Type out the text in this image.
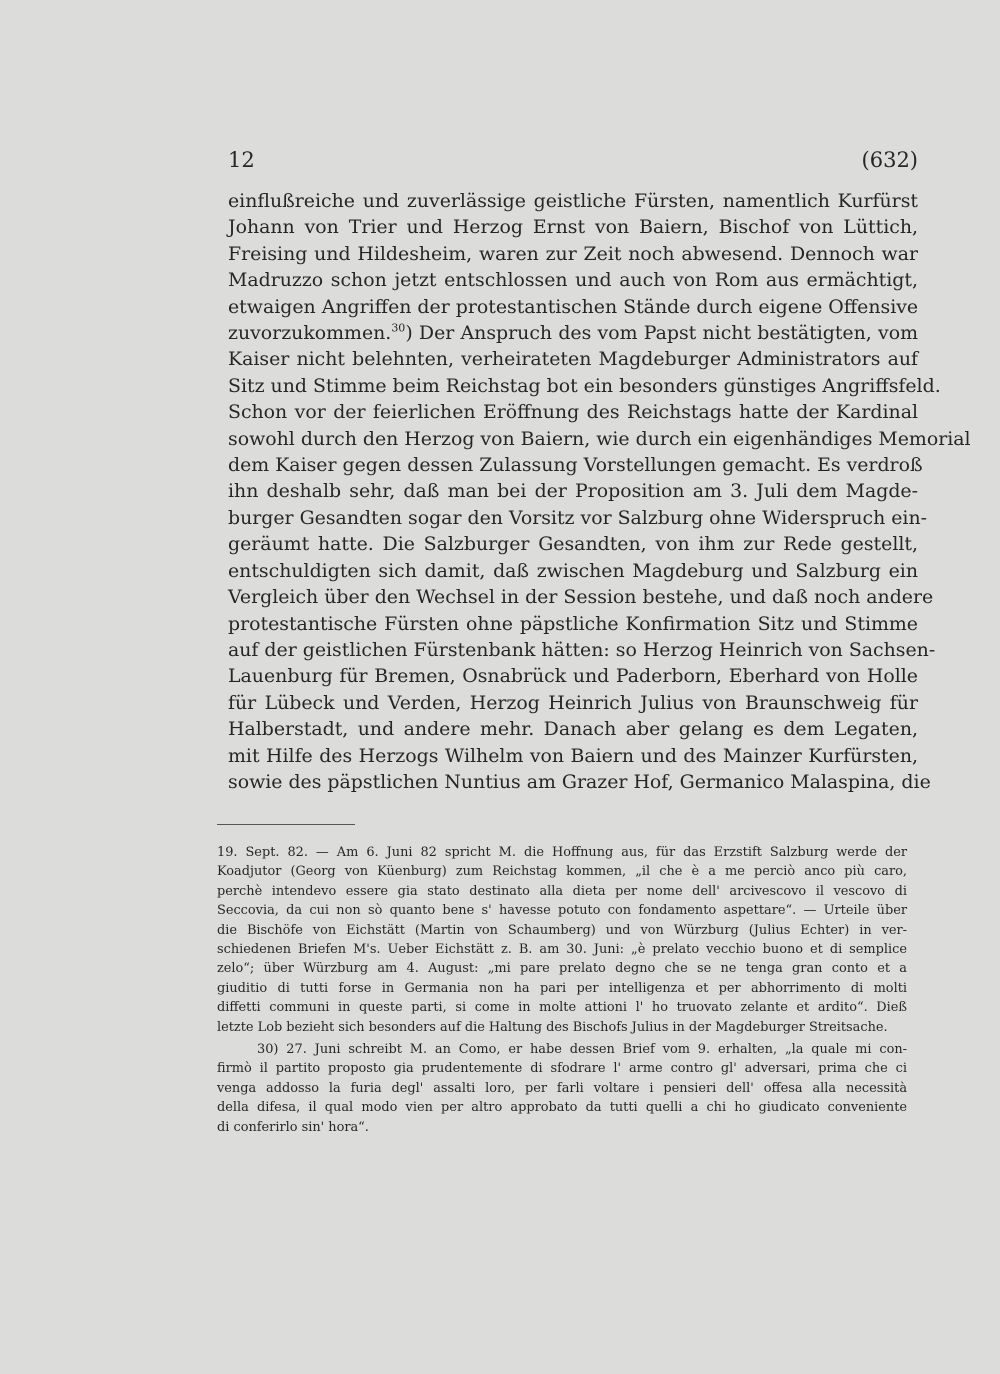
12	(632)
einflußreiche und zuverlässige geistliche Fürsten, namentlich Kurfürst
Johann von Trier und Herzog Ernst von Baiern, Bischof von Lüttich,
Freising und Hildesheim, waren zur Zeit noch abwesend. Dennoch war
Madruzzo schon jetzt entschlossen und auch von Rom aus ermächtigt,
etwaigen Angriffen der protestantischen Stände durch eigene Offensive
zuvorzukommen.$^{30}$) Der Anspruch des vom Papst nicht bestätigten, vom
Kaiser nicht belehnten, verheirateten Magdeburger Administrators auf
Sitz und Stimme beim Reichstag bot ein besonders günstiges Angriffsfeld.
Schon vor der feierlichen Eröffnung des Reichstags hatte der Kardinal
sowohl durch den Herzog von Baiern, wie durch ein eigenhändiges Memorial
dem Kaiser gegen dessen Zulassung Vorstellungen gemacht. Es verdroß
ihn deshalb sehr, daß man bei der Proposition am 3. Juli dem Magde-
burger Gesandten sogar den Vorsitz vor Salzburg ohne Widerspruch ein-
geräumt hatte. Die Salzburger Gesandten, von ihm zur Rede gestellt,
entschuldigten sich damit, daß zwischen Magdeburg und Salzburg ein
Vergleich über den Wechsel in der Session bestehe, und daß noch andere
protestantische Fürsten ohne päpstliche Konfirmation Sitz und Stimme
auf der geistlichen Fürstenbank hätten: so Herzog Heinrich von Sachsen-
Lauenburg für Bremen, Osnabrück und Paderborn, Eberhard von Holle
für Lübeck und Verden, Herzog Heinrich Julius von Braunschweig für
Halberstadt, und andere mehr. Danach aber gelang es dem Legaten,
mit Hilfe des Herzogs Wilhelm von Baiern und des Mainzer Kurfürsten,
sowie des päpstlichen Nuntius am Grazer Hof, Germanico Malaspina, die
19. Sept. 82. — Am 6. Juni 82 spricht M. die Hoffnung aus, für das Erzstift Salzburg werde der
Koadjutor (Georg von Küenburg) zum Reichstag kommen, „il che è a me perciò anco più caro,
perchè intendevo essere gia stato destinato alla dieta per nome dell' arcivescovo il vescovo di
Seccovia, da cui non sò quanto bene s' havesse potuto con fondamento aspettare“. — Urteile über
die Bischöfe von Eichstätt (Martin von Schaumberg) und von Würzburg (Julius Echter) in ver-
schiedenen Briefen M's. Ueber Eichstätt z. B. am 30. Juni: „è prelato vecchio buono et di semplice
zelo“; über Würzburg am 4. August: „mi pare prelato degno che se ne tenga gran conto et a
giuditio di tutti forse in Germania non ha pari per intelligenza et per abhorrimento di molti
diffetti communi in queste parti, si come in molte attioni l' ho truovato zelante et ardito“. Dieß
letzte Lob bezieht sich besonders auf die Haltung des Bischofs Julius in der Magdeburger Streitsache.
30) 27. Juni schreibt M. an Como, er habe dessen Brief vom 9. erhalten, „la quale mi con-
firmò il partito proposto gia prudentemente di sfodrare l' arme contro gl' adversari, prima che ci
venga addosso la furia degl' assalti loro, per farli voltare i pensieri dell' offesa alla necessità
della difesa, il qual modo vien per altro approbato da tutti quelli a chi ho giudicato conveniente
di conferirlo sin' hora“.
